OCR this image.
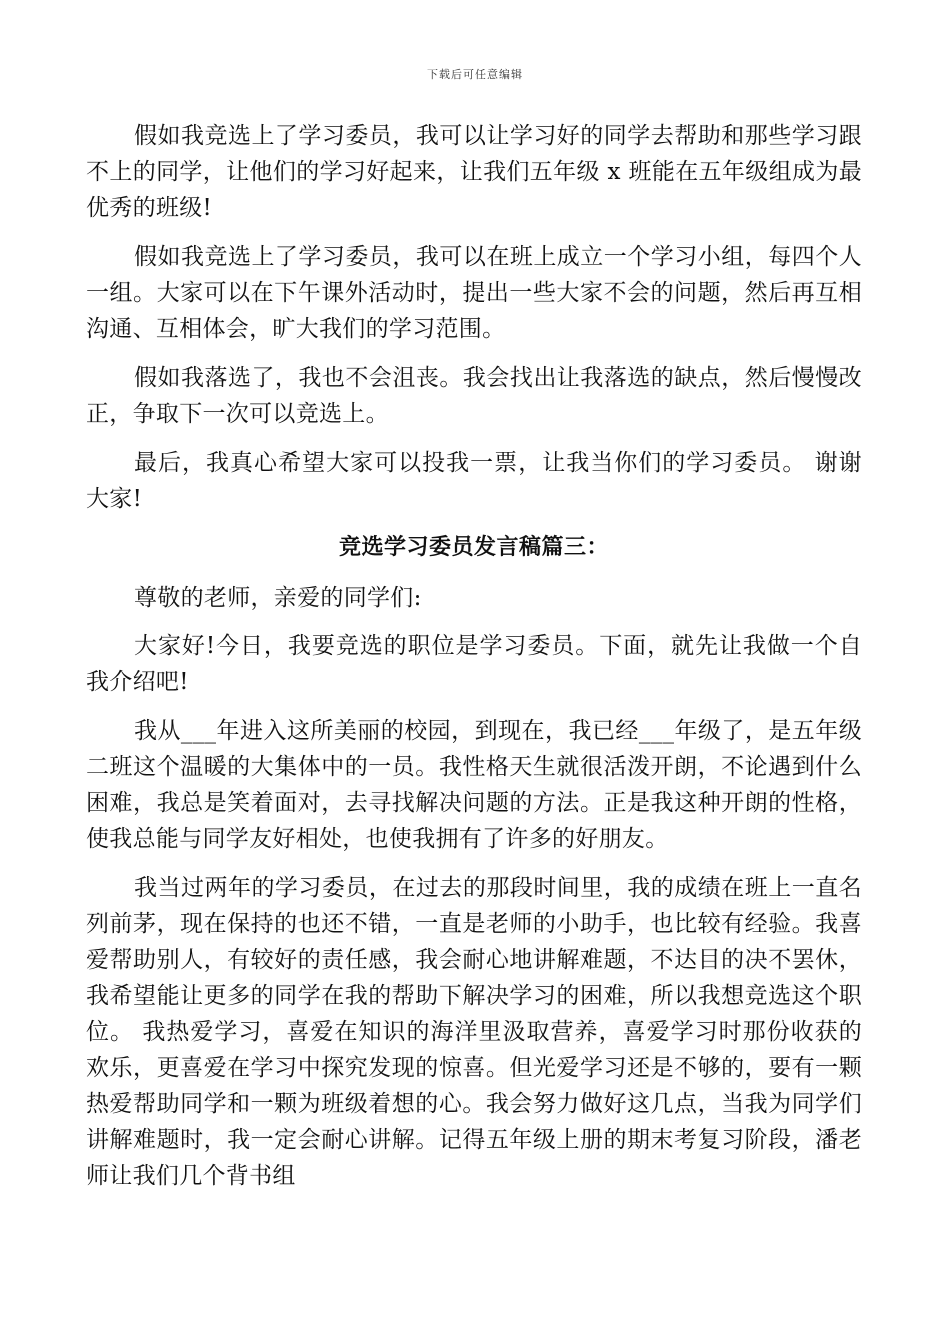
下载后可任意编辑

假如我竞选上了学习委员，我可以让学习好的同学去帮助和那些学习跟不上的同学，让他们的学习好起来，让我们五年级 x 班能在五年级组成为最优秀的班级!

假如我竞选上了学习委员，我可以在班上成立一个学习小组，每四个人一组。大家可以在下午课外活动时，提出一些大家不会的问题，然后再互相沟通、互相体会，旷大我们的学习范围。

假如我落选了，我也不会沮丧。我会找出让我落选的缺点，然后慢慢改正，争取下一次可以竞选上。

最后，我真心希望大家可以投我一票，让我当你们的学习委员。 谢谢大家!

竞选学习委员发言稿篇三：

尊敬的老师，亲爱的同学们:

大家好!今日，我要竞选的职位是学习委员。下面，就先让我做一个自我介绍吧!

我从___年进入这所美丽的校园，到现在，我已经___年级了，是五年级二班这个温暖的大集体中的一员。我性格天生就很活泼开朗，不论遇到什么困难，我总是笑着面对，去寻找解决问题的方法。正是我这种开朗的性格，使我总能与同学友好相处，也使我拥有了许多的好朋友。

我当过两年的学习委员，在过去的那段时间里，我的成绩在班上一直名列前茅，现在保持的也还不错，一直是老师的小助手，也比较有经验。我喜爱帮助别人，有较好的责任感，我会耐心地讲解难题，不达目的决不罢休，我希望能让更多的同学在我的帮助下解决学习的困难，所以我想竞选这个职位。 我热爱学习，喜爱在知识的海洋里汲取营养，喜爱学习时那份收获的欢乐，更喜爱在学习中探究发现的惊喜。但光爱学习还是不够的，要有一颗热爱帮助同学和一颗为班级着想的心。我会努力做好这几点，当我为同学们讲解难题时，我一定会耐心讲解。记得五年级上册的期末考复习阶段，潘老师让我们几个背书组
